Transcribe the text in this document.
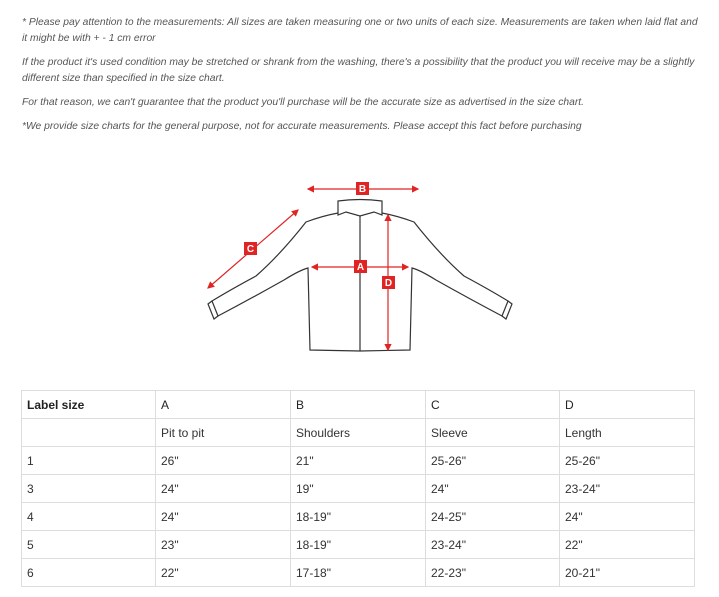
* Please pay attention to the measurements: All sizes are taken measuring one or two units of each size. Measurements are taken when laid flat and it might be with + - 1 cm error

If the product it's used condition may be stretched or shrank from the washing, there's a possibility that the product you will receive may be a slightly different size than specified in the size chart.

For that reason, we can't guarantee that the product you'll purchase will be the accurate size as advertised in the size chart.

*We provide size charts for the general purpose, not for accurate measurements. Please accept this fact before purchasing

B
C
A
D
Label size	A	B	C	D
	Pit to pit	Shoulders	Sleeve	Length
1	26"	21"	25-26"	25-26"
3	24"	19"	24"	23-24"
4	24"	18-19"	24-25"	24"
5	23"	18-19"	23-24"	22"
6	22"	17-18"	22-23"	20-21"
